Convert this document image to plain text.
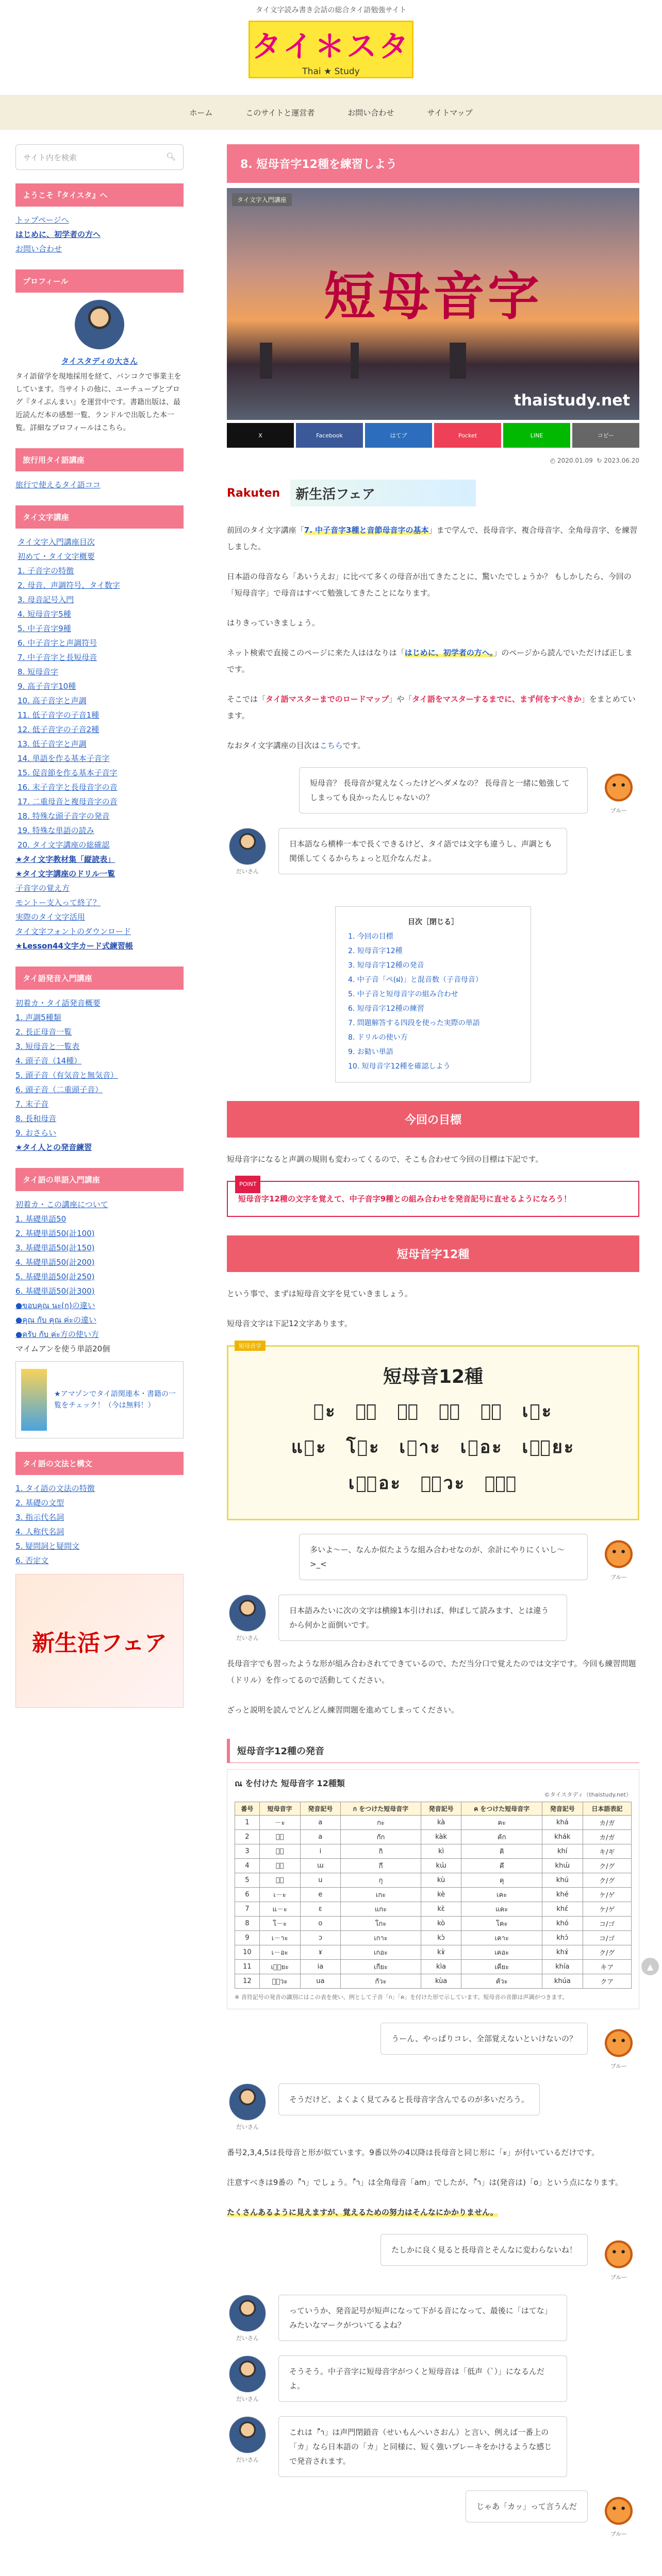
タイ文字読み書き会話の総合タイ語勉強サイト
タイ＊スタ
Thai ★ Study
ホーム	このサイトと運営者	お問い合わせ	サイトマップ
サイト内を検索	🔍︎
ようこそ『タイスタ』へ
トップページへ
はじめに、初学者の方へ
お問い合わせ
プロフィール
タイスタディの大さん
タイ語留学を現地採用を経て、バンコクで事業主をしています。当サイトの他に、ユーチューブとブログ『タイぷんまい』を運営中です。書籍出版は、最近読んだ本の感想一覧、ランドルで出版した本一覧。詳細なプロフィールはこちら。
旅行用タイ語講座
旅行で使えるタイ語ココ
タイ文字講座
タイ文字入門講座目次
初めて・タイ文字概要
1. 子音字の特徴
2. 母音、声調符号、タイ数字
3. 母音記号入門
4. 短母音字5種
5. 中子音字9種
6. 中子音字と声調符号
7. 中子音字と長短母音
8. 短母音字
9. 高子音字10種
10. 高子音字と声調
11. 低子音字の子音1種
12. 低子音字の子音2種
13. 低子音字と声調
14. 単語を作る基本子音字
15. 促音節を作る基本子音字
16. 末子音字と長母音字の音
17. 二重母音と複母音字の音
18. 特殊な頭子音字の発音
19. 特殊な単語の読み
20. タイ文字講座の総確認
★タイ文字教材集「縦読表」
★タイ文字講座のドリル一覧
子音字の覚え方
モントー支入って終了？
実際のタイ文字活用
タイ文字フォントのダウンロード
★Lesson44文字カード式練習帳
タイ語発音入門講座
初着カ・タイ語発音概要
1. 声調5種類
2. 長正母音一覧
3. 短母音と一覧表
4. 頭子音（14種）
5. 頭子音（有気音と無気音）
6. 頭子音（二重頭子音）
7. 末子音
8. 長和母音
9. おさらい
★タイ人との発音練習
タイ語の単語入門講座
初着カ・この講座について
1. 基礎単語50
2. 基礎単語50(計100)
3. 基礎単語50(計150)
4. 基礎単語50(計200)
5. 基礎単語50(計250)
6. 基礎単語50(計300)
●ขอบคุณ นะ(ก)の違い
●คุณ กับ คุณ ค่ะの違い
●ครับ กับ ค่ะ方の使い方
マイムアンを使う単語20個
★アマゾンでタイ語関連本・書籍の一覧をチェック！（今は無料！）
タイ語の文法と構文
1. タイ語の文法の特徴
2. 基礎の文型
3. 指示代名詞
4. 人称代名詞
5. 疑問詞と疑問文
6. 否定文
新生活フェア
8. 短母音字12種を練習しよう
タイ文字入門講座
短母音字
thaistudy.net
X	Facebook	はてブ	Pocket	LINE	コピー
◴ 2020.01.09 ↻ 2023.06.20
Rakuten	新生活フェア

前回のタイ文字講座「7. 中子音字3種と音節母音字の基本」まで学んで、長母音字、複合母音字、全角母音字、を練習しました。

日本語の母音なら「あいうえお」に比べて多くの母音が出てきたことに、驚いたでしょうか？ もしかしたら、今回の「短母音字」で母音はすべて勉強してきたことになります。

はりきっていきましょう。

ネット検索で直接このページに来た人ははなりは「はじめに、初学者の方へ。」のページから読んでいただけば正しまです。

そこでは「タイ語マスターまでのロードマップ」や「タイ語をマスターするまでに、まず何をすべきか」をまとめています。

なおタイ文字講座の目次はこちらです。

短母音？ 長母音が覚えなくったけどへダメなの？ 長母音と一緒に勉強してしまっても良かったんじゃないの？
ブルー
だいさん
日本語なら横棒一本で長くできるけど、タイ語では文字も違うし、声調とも関係してくるからちょっと厄介なんだよ。
目次［閉じる］
1. 今回の目標
2. 短母音字12種
3. 短母音字12種の発音
4. 中子音「ペ(ฝ)」と混音数（子音母音）
5. 中子音と短母音字の組み合わせ
6. 短母音字12種の練習
7. 問題解答する四段を使った実際の単語
8. ドリルの使い方
9. お勧い単語
10. 短母音字12種を確認しよう
今回の目標

短母音字になると声調の規則も変わってくるので、そこも合わせて今回の目標は下記です。

POINT
短母音字12種の文字を覚えて、中子音字9種との組み合わせを発音記号に直せるようになろう！
短母音字12種

という事で、まずは短母音文字を見ていきましょう。

短母音文字は下記12文字あります。

短母音字
短母音12種
－ะ　－ั　－ิ　－ึ　－ุ　เ－ะ
แ－ะ　โ－ะ　เ－าะ　เ－อะ　เ－ียะ
เ－ือะ　－ัวะ　－ำ
多いよ〜ー、なんか似たような組み合わせなのが、余計にやりにくいし〜>_<
ブルー
だいさん
日本語みたいに次の文字は横線1本引ければ、伸ばして読みます、とは違うから何かと面倒いです。

長母音字でも習ったような形が組み合わされてできているので、ただ当分口で覚えたのでは文字です。今回も練習問題（ドリル）を作ってるので活動してください。

ざっと説明を読んでどんどん練習問題を進めてしまってください。

短母音字12種の発音
ณ を付けた 短母音字 12種類
©タイスタディ（thaistudy.net）
番号	短母音字	発音記号	ก をつけた短母音字	発音記号	ค をつけた短母音字	発音記号	日本語表記
1	－ะ	a	กะ	kà	คะ	khá	カ/ガ
2	－ั	a	กัก	kàk	คัก	khák	カ/ガ
3	－ิ	i	กิ	kì	คิ	khí	キ/ギ
4	－ึ	ɯ	กึ	kɯ̀	คึ	khɯ́	ク/グ
5	－ุ	u	กุ	kù	คุ	khú	ク/グ
6	เ－ะ	e	เกะ	kè	เคะ	khé	ケ/ゲ
7	แ－ะ	ɛ	แกะ	kɛ̀	แคะ	khɛ́	ケ/ゲ
8	โ－ะ	o	โกะ	kò	โคะ	khó	コ/ゴ
9	เ－าะ	ɔ	เกาะ	kɔ̀	เคาะ	khɔ́	コ/ゴ
10	เ－อะ	ɤ	เกอะ	kɤ̀	เคอะ	khɤ́	ク/グ
11	เ－ียะ	ia	เกียะ	kìa	เคียะ	khía	キア
12	－ัวะ	ua	กัวะ	kùa	คัวะ	khúa	クア
※ 音符記号の発音の識別にはこの表を使い、例として子音「ก」「ค」を付けた形で示しています。短母音の音節は声調がつきます。
うーん、やっぱりコレ、全部覚えないといけないの？
ブルー
だいさん
そうだけど、よくよく見てみると長母音字含んでるのが多いだろう。

番号2,3,4,5は長母音と形が似ています。9番以外の4以降は長母音と同じ形に「ะ」が付いているだけです。

注意すべきは9番の「ำ」でしょう。「ำ」は全角母音「am」でしたが、「ำ」は(発音は)「o」という点になります。

たくさんあるように見えますが、覚えるための努力はそんなにかかりません。

たしかに良く見ると長母音とそんなに変わらないね！
ブルー
だいさん
っていうか、発音記号が短声になって下がる音になって、最後に「はてな」みたいなマークがついてるよね？
だいさん
そうそう。中子音字に短母音字がつくと短母音は「低声（ˋ）」になるんだよ。
だいさん
これは「ำ」は声門閉鎖音（せいもんへいさおん）と言い、例えば一番上の「カ」なら日本語の「カ」と同様に、短く強いブレーキをかけるような感じで発音されます。
じゃあ「カッ」って言うんだ
ブルー
▲
